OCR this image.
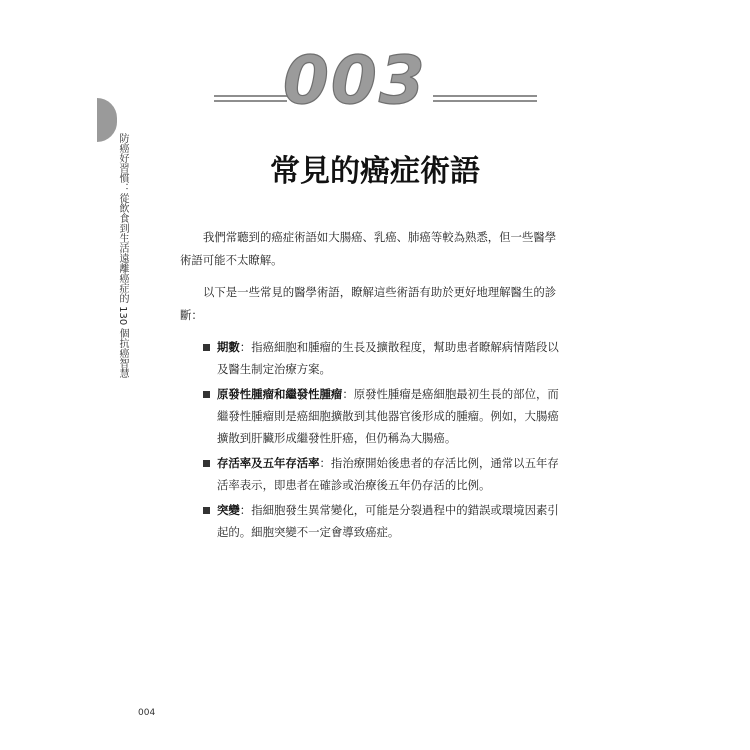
003
防癌好習慣：從飲食到生活遠離癌症的 130 個抗癌智慧	常見的癌症術語
我們常聽到的癌症術語如大腸癌、乳癌、肺癌等較為熟悉，但一些醫學
術語可能不太瞭解。
以下是一些常見的醫學術語，瞭解這些術語有助於更好地理解醫生的診
斷：
期數：指癌細胞和腫瘤的生長及擴散程度，幫助患者瞭解病情階段以
及醫生制定治療方案。
原發性腫瘤和繼發性腫瘤：原發性腫瘤是癌細胞最初生長的部位，而
繼發性腫瘤則是癌細胞擴散到其他器官後形成的腫瘤。例如，大腸癌
擴散到肝臟形成繼發性肝癌，但仍稱為大腸癌。
存活率及五年存活率：指治療開始後患者的存活比例，通常以五年存
活率表示，即患者在確診或治療後五年仍存活的比例。
突變：指細胞發生異常變化，可能是分裂過程中的錯誤或環境因素引
起的。細胞突變不一定會導致癌症。
004
